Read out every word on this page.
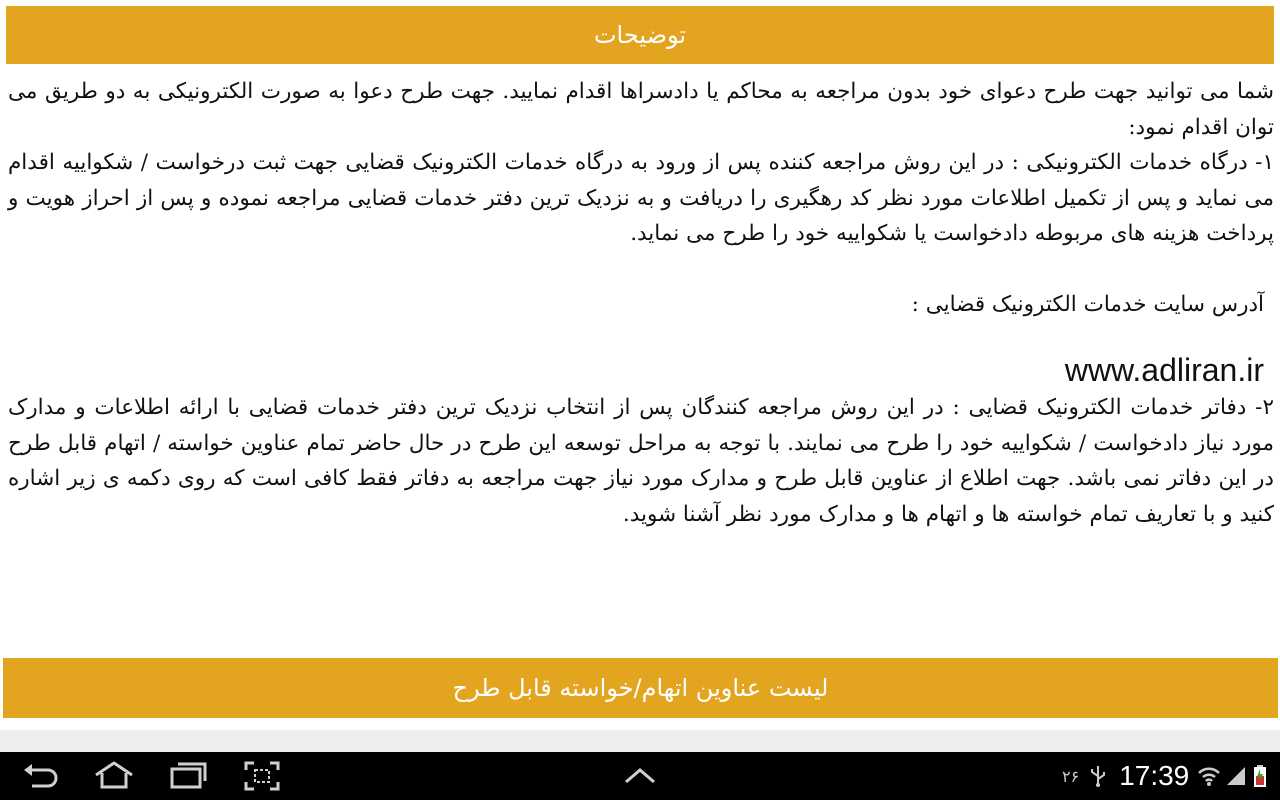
توضیحات

شما می توانید جهت طرح دعوای خود بدون مراجعه به محاکم یا دادسراها اقدام نمایید. جهت طرح دعوا به صورت الکترونیکی به دو طریق می توان اقدام نمود:

۱- درگاه خدمات الکترونیکی : در این روش مراجعه کننده پس از ورود به درگاه خدمات الکترونیک قضایی جهت ثبت درخواست / شکواییه اقدام می نماید و پس از تکمیل اطلاعات مورد نظر کد رهگیری را دریافت و به نزدیک ترین دفتر خدمات قضایی مراجعه نموده و پس از احراز هویت و پرداخت هزینه های مربوطه دادخواست یا شکواییه خود را طرح می نماید.

آدرس سایت خدمات الکترونیک قضایی :

www.adliran.ir

۲- دفاتر خدمات الکترونیک قضایی : در این روش مراجعه کنندگان پس از انتخاب نزدیک ترین دفتر خدمات قضایی با ارائه اطلاعات و مدارک مورد نیاز دادخواست / شکواییه خود را طرح می نمایند. با توجه به مراحل توسعه این طرح در حال حاضر تمام عناوین خواسته / اتهام قابل طرح در این دفاتر نمی باشد. جهت اطلاع از عناوین قابل طرح و مدارک مورد نیاز جهت مراجعه به دفاتر فقط کافی است که روی دکمه ی زیر اشاره کنید و با تعاریف تمام خواسته ها و اتهام ها و مدارک مورد نظر آشنا شوید.

لیست عناوین اتهام/خواسته قابل طرح
۲۶ 17:39
